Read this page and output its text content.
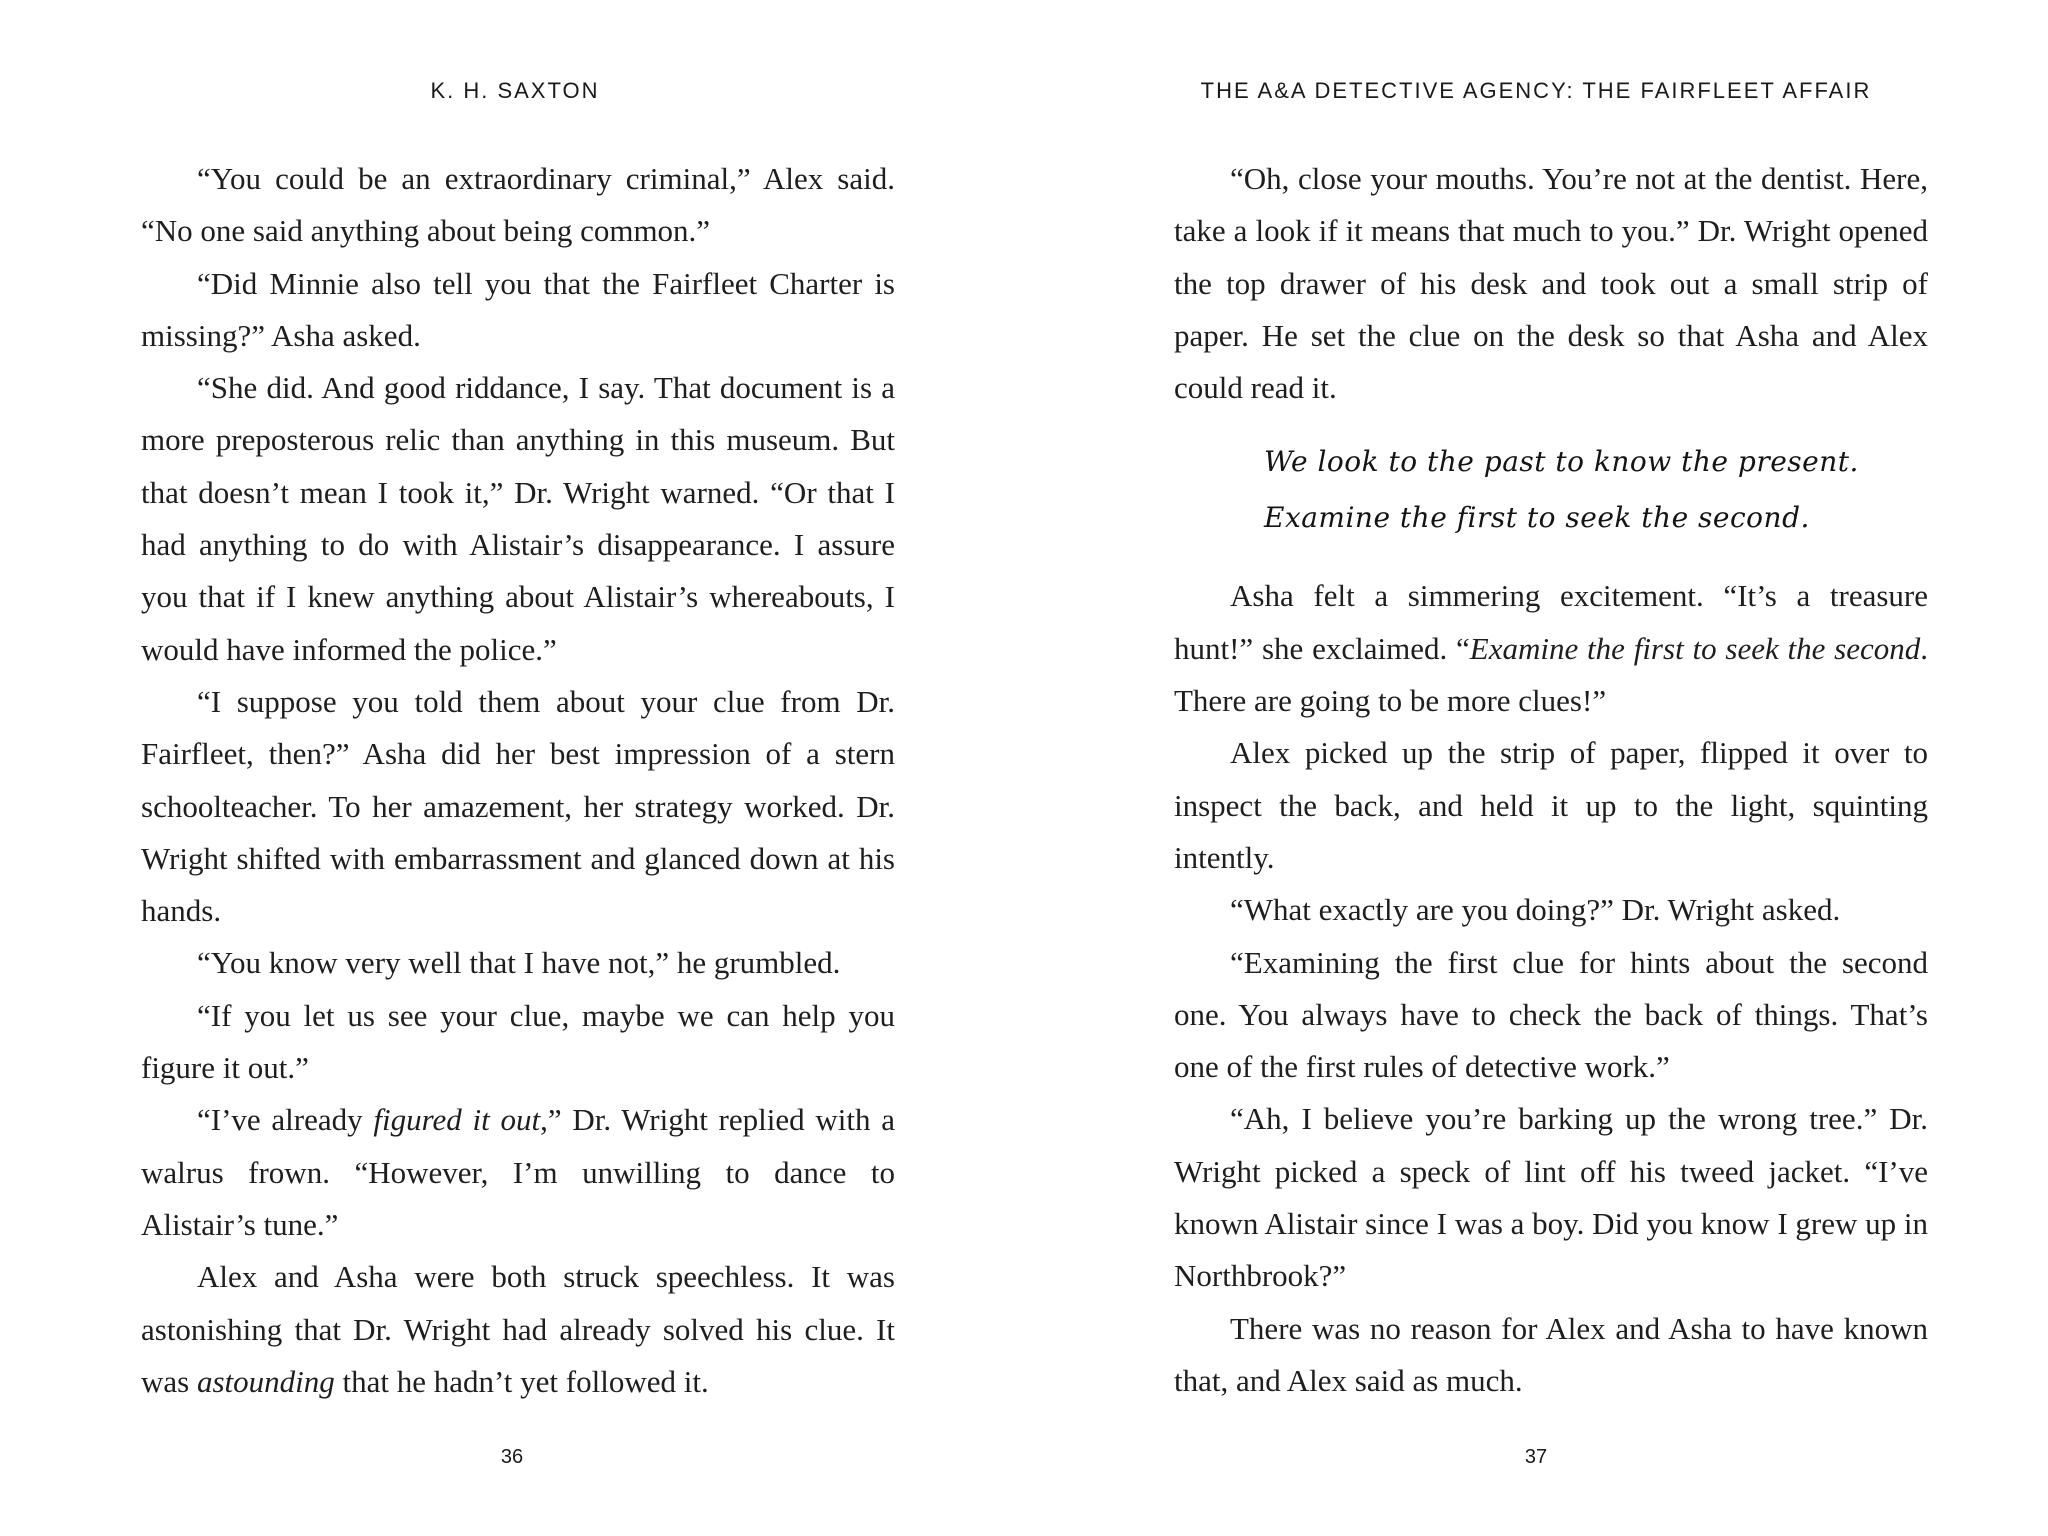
K. H. SAXTON

“You could be an extraordinary criminal,” Alex said. “No one said anything about being common.”

“Did Minnie also tell you that the Fairfleet Charter is missing?” Asha asked.

“She did. And good riddance, I say. That document is a more preposterous relic than anything in this museum. But that doesn’t mean I took it,” Dr. Wright warned. “Or that I had anything to do with Alistair’s disappearance. I assure you that if I knew anything about Alistair’s whereabouts, I would have informed the police.”

“I suppose you told them about your clue from Dr. Fairfleet, then?” Asha did her best impression of a stern schoolteacher. To her amazement, her strategy worked. Dr. Wright shifted with embarrassment and glanced down at his hands.

“You know very well that I have not,” he grumbled.

“If you let us see your clue, maybe we can help you figure it out.”

“I’ve already figured it out,” Dr. Wright replied with a walrus frown. “However, I’m unwilling to dance to Alistair’s tune.”

Alex and Asha were both struck speechless. It was astonishing that Dr. Wright had already solved his clue. It was astounding that he hadn’t yet followed it.

36
THE A&A DETECTIVE AGENCY: THE FAIRFLEET AFFAIR

“Oh, close your mouths. You’re not at the dentist. Here, take a look if it means that much to you.” Dr. Wright opened the top drawer of his desk and took out a small strip of paper. He set the clue on the desk so that Asha and Alex could read it.

We look to the past to know the present.
Examine the first to seek the second.

Asha felt a simmering excitement. “It’s a treasure hunt!” she exclaimed. “Examine the first to seek the second. There are going to be more clues!”

Alex picked up the strip of paper, flipped it over to inspect the back, and held it up to the light, squinting intently.

“What exactly are you doing?” Dr. Wright asked.

“Examining the first clue for hints about the second one. You always have to check the back of things. That’s one of the first rules of detective work.”

“Ah, I believe you’re barking up the wrong tree.” Dr. Wright picked a speck of lint off his tweed jacket. “I’ve known Alistair since I was a boy. Did you know I grew up in Northbrook?”

There was no reason for Alex and Asha to have known that, and Alex said as much.

37
